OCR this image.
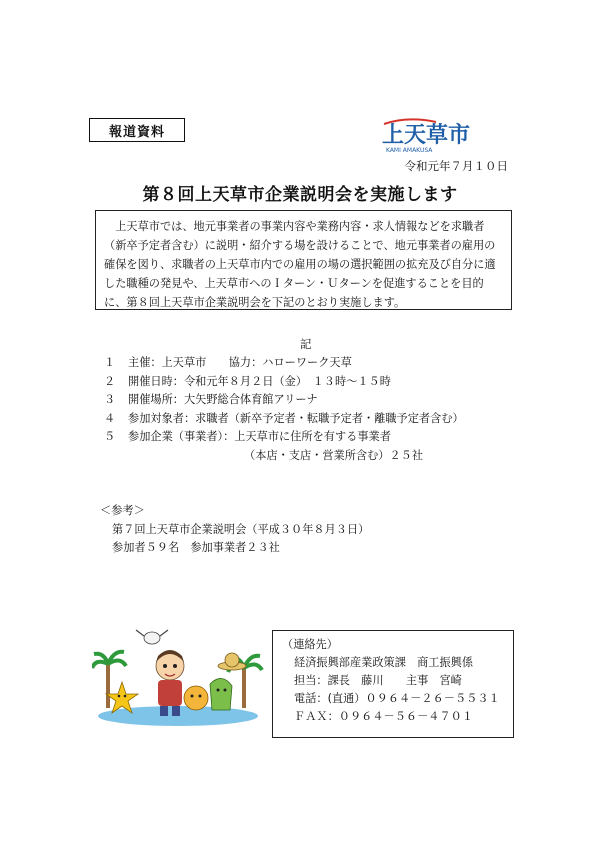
報道資料	上天草市
KAMI AMAKUSA
令和元年７月１０日
第８回上天草市企業説明会を実施します

上天草市では、地元事業者の事業内容や業務内容・求人情報などを求職者（新卒予定者含む）に説明・紹介する場を設けることで、地元事業者の雇用の確保を図り、求職者の上天草市内での雇用の場の選択範囲の拡充及び自分に適した職種の発見や、上天草市へのＩターン・Ｕターンを促進することを目的に、第８回上天草市企業説明会を下記のとおり実施します。

記
１	主催：上天草市　　協力：ハローワーク天草
２	開催日時：令和元年８月２日（金）　１３時～１５時
３	開催場所：大矢野総合体育館アリーナ
４	参加対象者：求職者（新卒予定者・転職予定者・離職予定者含む）
５	参加企業（事業者）：上天草市に住所を有する事業者
（本店・支店・営業所含む）２５社
＜参考＞
第７回上天草市企業説明会（平成３０年８月３日）
参加者５９名　参加事業者２３社
（連絡先）
経済振興部産業政策課　商工振興係
担当：課長　藤川　　主事　宮崎
電話：(直通）０９６４－２６－５５３１
ＦＡＸ：０９６４－５６－４７０１
